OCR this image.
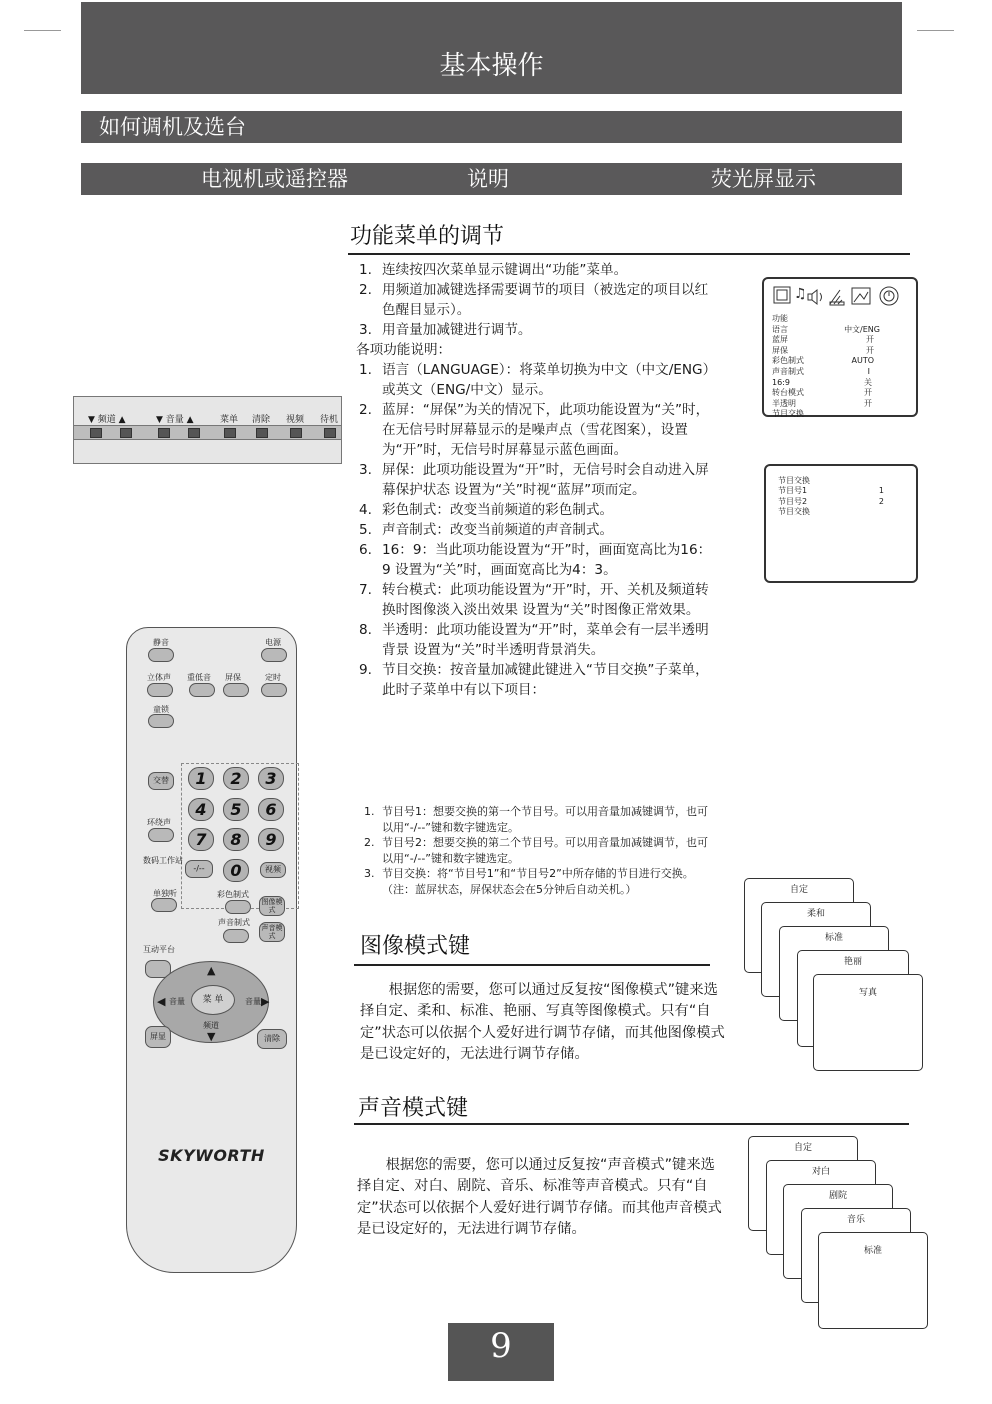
基本操作
如何调机及选台
电视机或遥控器	说明	荧光屏显示
功能菜单的调节
1. 连续按四次菜单显示键调出“功能”菜单。
2. 用频道加减键选择需要调节的项目（被选定的项目以红色醒目显示）。
3. 用音量加减键进行调节。
各项功能说明：
1. 语言（LANGUAGE）：将菜单切换为中文（中文/ENG）或英文（ENG/中文）显示。
2. 蓝屏：“屏保”为关的情况下，此项功能设置为“关”时，在无信号时屏幕显示的是噪声点（雪花图案），设置为“开”时，无信号时屏幕显示蓝色画面。
3. 屏保：此项功能设置为“开”时，无信号时会自动进入屏幕保护状态 设置为“关”时视“蓝屏”项而定。
4. 彩色制式：改变当前频道的彩色制式。
5. 声音制式：改变当前频道的声音制式。
6. 16：9：当此项功能设置为“开”时，画面宽高比为16：9 设置为“关”时，画面宽高比为4：3。
7. 转台模式：此项功能设置为“开”时，开、关机及频道转换时图像淡入淡出效果 设置为“关”时图像正常效果。
8. 半透明：此项功能设置为“开”时，菜单会有一层半透明背景 设置为“关”时半透明背景消失。
9. 节目交换：按音量加减键此键进入“节目交换”子菜单，此时子菜单中有以下项目：
1. 节目号1：想要交换的第一个节目号。可以用音量加减键调节，也可以用“-/--”键和数字键选定。
2. 节目号2：想要交换的第二个节目号。可以用音量加减键调节，也可以用“-/--”键和数字键选定。
3. 节目交换：将“节目号1”和“节目号2”中所存储的节目进行交换。
（注：蓝屏状态，屏保状态会在5分钟后自动关机。）
♫
功能
语言	中文/ENG
蓝屏	开
屏保	开
彩色制式	AUTO
声音制式	I
16:9	关
转台模式	开
半透明	开
节目交换
节目交换
节目号1	1
节目号2	2
节目交换
图像模式键
根据您的需要，您可以通过反复按“图像模式”键来选择自定、柔和、标准、艳丽、写真等图像模式。只有“自定”状态可以依据个人爱好进行调节存储，而其他图像模式是已设定好的，无法进行调节存储。
自定
柔和
标准
艳丽
写真
声音模式键
根据您的需要，您可以通过反复按“声音模式”键来选择自定、对白、剧院、音乐、标准等声音模式。只有“自定”状态可以依据个人爱好进行调节存储。而其他声音模式是已设定好的，无法进行调节存储。
自定
对白
剧院
音乐
标准
▼ 频道 ▲	▼ 音量 ▲	菜单 清除 视频 待机
静音	电源
立体声 重低音 屏保	定时
童锁
交替	1	2	3
4	5	6
环绕声
7	8	9
数码工作站
-/--	0	视频
单独听	彩色制式
声音制式
图像模式
声音模式
互动平台
菜 单
音量
◀	音量 ▶
▲
频道
▼
屏显	清除
SKYWORTH
9
